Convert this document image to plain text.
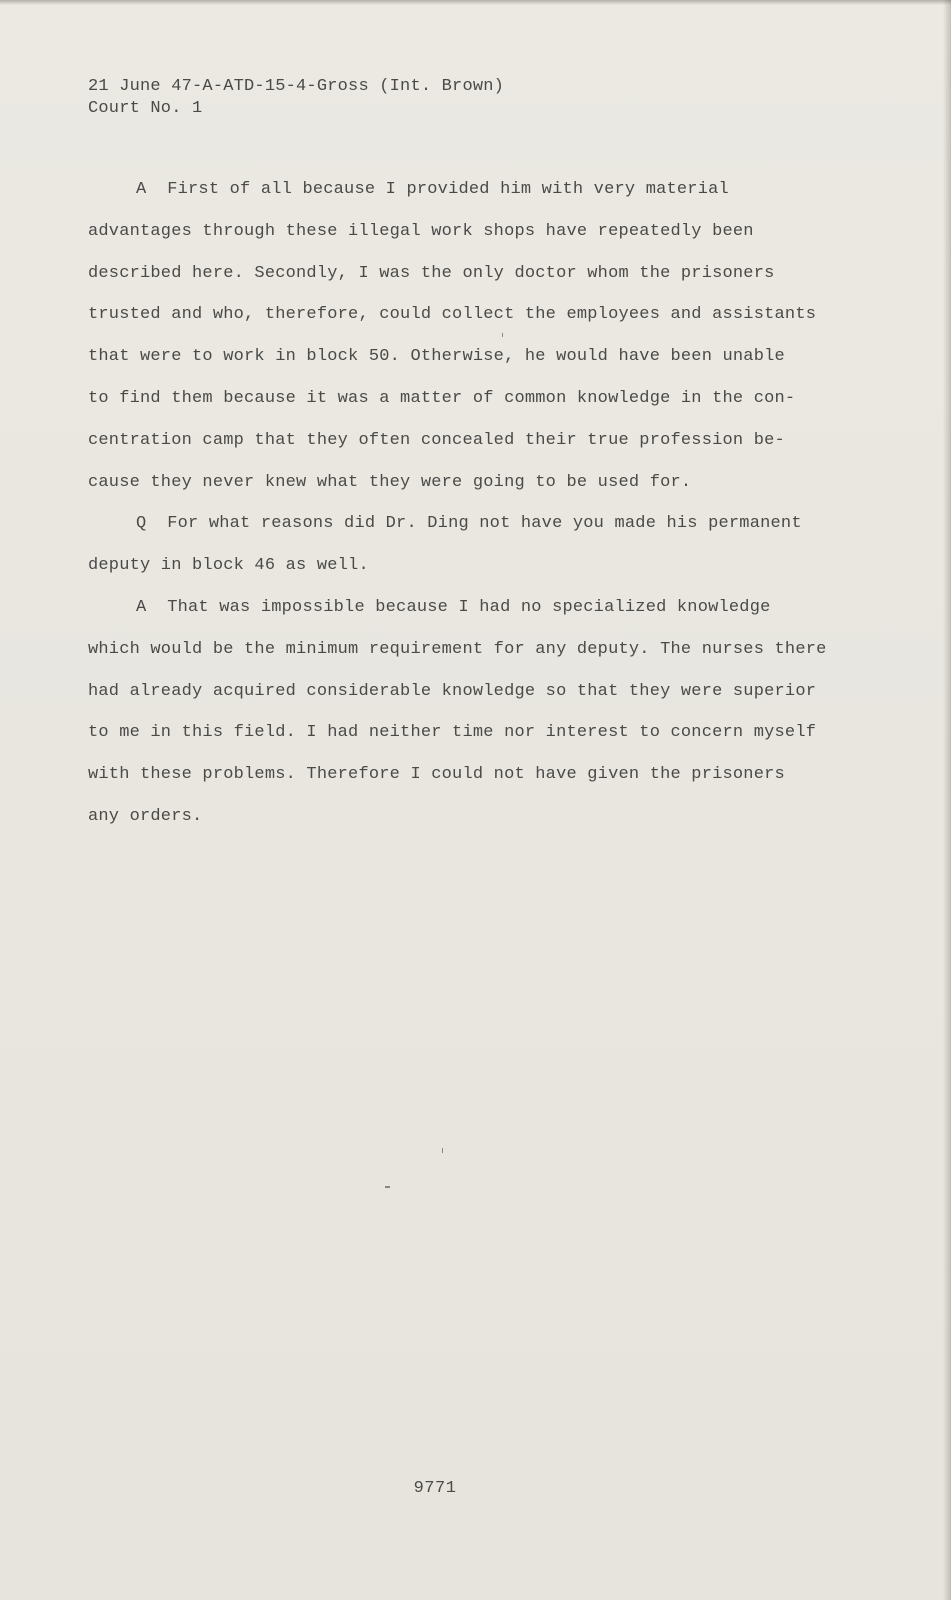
21 June 47-A-ATD-15-4-Gross (Int. Brown)
Court No. 1
A First of all because I provided him with very material
advantages through these illegal work shops have repeatedly been
described here. Secondly, I was the only doctor whom the prisoners
trusted and who, therefore, could collect the employees and assistants
that were to work in block 50. Otherwise, he would have been unable
to find them because it was a matter of common knowledge in the con-
centration camp that they often concealed their true profession be-
cause they never knew what they were going to be used for.
Q For what reasons did Dr. Ding not have you made his permanent
deputy in block 46 as well.
A That was impossible because I had no specialized knowledge
which would be the minimum requirement for any deputy. The nurses there
had already acquired considerable knowledge so that they were superior
to me in this field. I had neither time nor interest to concern myself
with these problems. Therefore I could not have given the prisoners
any orders.
9771
